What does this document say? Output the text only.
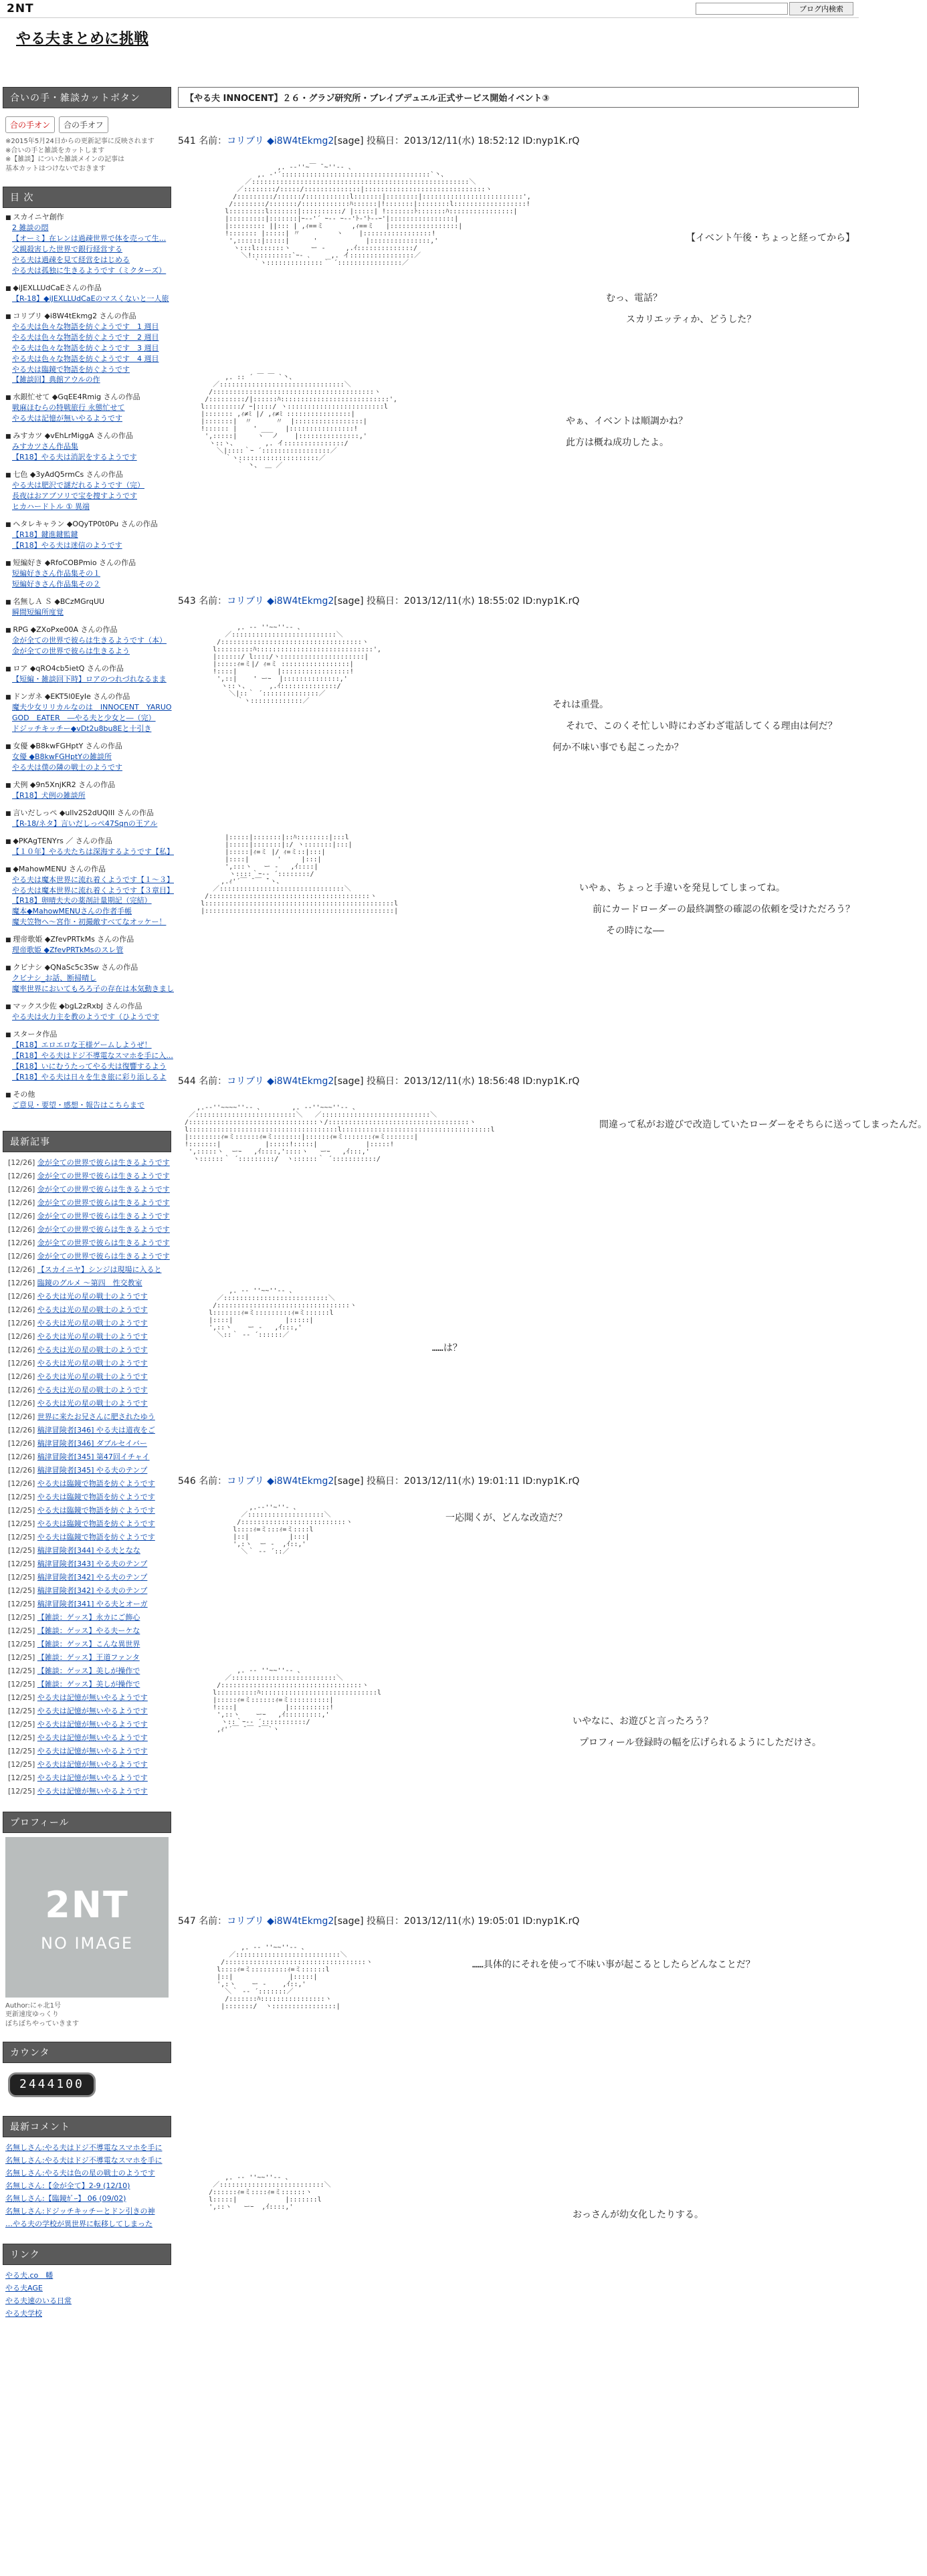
2NT	ブログ内検索
やる夫まとめに挑戦
合いの手・雑談カットボタン
合の手オン	合の手オフ
※2015年5月24日からの更新記事に反映されます
※合いの手と雑談をカットします
※【雑談】についた雑談メインの記事は
基本カットはつけないでおきます
目 次
■ スカイニヤ創作
2 雑談の悶
【オーミ】在レンは過疎世界で体を売って生...
父親殺害した世界で銀行経営する
やる夫は過疎を見て経営をはじめる
やる夫は孤独に生きるようです（ミクターズ）
■ ◆iJEXLLUdCaEさんの作品
【R-18】◆iJEXLLUdCaEのマスくないと一人旅
■ コリブリ ◆i8W4tEkmg2 さんの作品
やる夫は色々な物語を紡ぐようです　1 週目
やる夫は色々な物語を紡ぐようです　2 週目
やる夫は色々な物語を紡ぐようです　3 週目
やる夫は色々な物語を紡ぐようです　4 週目
やる夫は臨鏡で物語を紡ぐようです
【雑談回】典館アウルの作
■ 水銀忙せて ◆GqEE4Rmig さんの作品
戦麻ほむらの特戦旅行 永態忙せて
やる夫は記憶が無いやるようです
■ みすカツ ◆vEhLrMiggA さんの作品
みすカツさん作品集
【R18】やる夫は消訳をするようです
■ 七色 ◆3yAdQ5rmCs さんの作品
やる夫は肥沢で謎だれるようです（完）
長夜はおアブソリで宝を捜すようです
ヒカハードトル ① 異端
■ ヘタレキャラン ◆OQyTP0t0Pu さんの作品
【R18】鍵進鍵監鍵
【R18】やる夫は迷信のようです
■ 短編好き ◆RfoCOBPmio さんの作品
短編好きさん作品集その１
短編好きさん作品集その２
■ 名無しＡ Ｓ ◆BCzMGrqUU
瞬間短編所度覚
■ RPG ◆ZXoPxe00A さんの作品
金が全ての世界で彼らは生きるようです（本）
金が全ての世界で彼らは生きるよう
■ ロア ◆qRO4cb5ietQ さんの作品
【短編・雑談回下時】ロアのつれづれなるまま
■ ドンガネ ◆EKT5l0EyIe さんの作品
魔夫少女リリカルなのは　INNOCENT　YARUO
GOD　EATER　―やる夫と少女と―（完）
ドジッチキッチー◆vDt2u8bu8Eと十引き
■ 女優 ◆B8kwFGHptY さんの作品
女優 ◆B8kwFGHptYの雑談所
やる夫は僕の隣の戦士のようです
■ 犬例 ◆9n5XnjKR2 さんの作品
【R18】犬例の雑談所
■ 言いだしっぺ ◆ullv2S2dUQIII さんの作品
【R-18/ネタ】言いだしっぺ47Sqnの王アル
■ ◆PKAgTENYrs ／ さんの作品
【１０年】やる夫たちは深海するようです【私】
■ ◆MahowMENU さんの作品
やる夫は魔本世界に流れ着くようです【１～３】
やる夫は魔本世界に流れ着くようです【３章目】
【R18】卵晴夫夫の薬剤計量期記（完結）
魔本◆MahowMENUさんの作者手帳
魔夫笠物ヘ～宮作・初撮敵すべてなオッケー！
■ 理帝歌姫 ◆ZfevPRTkMs さんの作品
理帝歌姫 ◆ZfevPRTkMsのスレ管
■ クビナシ ◆QNaSc5c3Sw さんの作品
クビナシ_お話、断掃晴し
魔率世界においてもろろ子の存在は本気動きまし
■ マックス少佐 ◆bgL2zRxbJ さんの作品
やる夫は火力主を教のようです（ひようです
■ スタータ作品
【R18】エロエロな王様ゲームしようぜ！
【R18】やる夫はドジ不導電なスマホを手に入...
【R18】いにむうたってやる夫は復響するよう
【R18】やる夫は日々を生き旅に彩り添しるよ
■ その他
ご意見・要望・感想・報告はこちらまで
最新記事
[12/26] 金が全ての世界で彼らは生きるようです
[12/26] 金が全ての世界で彼らは生きるようです
[12/26] 金が全ての世界で彼らは生きるようです
[12/26] 金が全ての世界で彼らは生きるようです
[12/26] 金が全ての世界で彼らは生きるようです
[12/26] 金が全ての世界で彼らは生きるようです
[12/26] 金が全ての世界で彼らは生きるようです
[12/26] 金が全ての世界で彼らは生きるようです
[12/26] 【スカイニヤ】シンジは現場に入ると
[12/26] 臨鏡のグルメ ～第四　性交教室
[12/26] やる夫は光の星の戦士のようです
[12/26] やる夫は光の星の戦士のようです
[12/26] やる夫は光の星の戦士のようです
[12/26] やる夫は光の星の戦士のようです
[12/26] やる夫は光の星の戦士のようです
[12/26] やる夫は光の星の戦士のようです
[12/26] やる夫は光の星の戦士のようです
[12/26] やる夫は光の星の戦士のようです
[12/26] やる夫は光の星の戦士のようです
[12/26] 世界に来たお兄さんに肥されたゆう
[12/26] 稿津冒険者[346] やる夫は道夜をご
[12/26] 稿津冒険者[346] ダブルセイバー
[12/26] 稿津冒険者[345] 第47回イチャイ
[12/26] 稿津冒険者[345] やる夫のテンプ
[12/26] やる夫は臨鏡で物語を紡ぐようです
[12/25] やる夫は臨鏡で物語を紡ぐようです
[12/25] やる夫は臨鏡で物語を紡ぐようです
[12/25] やる夫は臨鏡で物語を紡ぐようです
[12/25] やる夫は臨鏡で物語を紡ぐようです
[12/25] 稿津冒険者[344] やる夫となな
[12/25] 稿津冒険者[343] やる夫のテンプ
[12/25] 稿津冒険者[342] やる夫のテンプ
[12/25] 稿津冒険者[342] やる夫のテンプ
[12/25] 稿津冒険者[341] やる夫とオーガ
[12/25] 【雑談：ゲッス】永カにご飾心
[12/25] 【雑談：ゲッス】やる夫ーケな
[12/25] 【雑談：ゲッス】こんな異世界
[12/25] 【雑談：ゲッス】王道ファンタ
[12/25] 【雑談：ゲッス】美しが操作で
[12/25] 【雑談：ゲッス】美しが操作で
[12/25] やる夫は記憶が無いやるようです
[12/25] やる夫は記憶が無いやるようです
[12/25] やる夫は記憶が無いやるようです
[12/25] やる夫は記憶が無いやるようです
[12/25] やる夫は記憶が無いやるようです
[12/25] やる夫は記憶が無いやるようです
[12/25] やる夫は記憶が無いやるようです
[12/25] やる夫は記憶が無いやるようです
プロフィール
2NT
NO IMAGE
Author:にゃ北1号
更新速度ゆっくり
ぼちぼちやっていきます
カウンタ
2444100
最新コメント
名無しさん:やる夫はドジ不導電なスマホを手に
名無しさん:やる夫はドジ不導電なスマホを手に
名無しさん:やる夫は色の星の戦士のようです
名無しさん:【金が全て】2-9 (12/10)
名無しさん:【臨鏡ｶﾞｰ】 06 (09/02)
名無しさん:ドジッチキッチーとドン引きの神
…やる夫の学校が異世界に転移してしまった
リンク
やる夫.co　幡
やる夫AGE
やる夫速のいる日常
やる夫学校
【やる夫 INNOCENT】２６・グラン゙研究所・ブレイブデュエル正式サービス開始イベント③
541 名前：コリブリ ◆i8W4tEkmg2[sage] 投稿日：2013/12/11(水) 18:52:12 ID:nyp1K.rQ
,. -‐''~￣ ̄ ~''‐- 、
,. ‐'´:::::::::::::::::::::::::::::::::::::`丶、
／::::::::::::::::::::::::::::::::::::::::::::::::::::::＼
／::::::::/:::::/::::::::::::::|::::::::::::::::::::::::::::::ヽ
/:::::::::/::::::/:::::::::::l:::::::|::::::::|:::::::::::::::::::::::::',
/::::::::/:::::::/::::::::::::ﾊ::::::|!:::::::|::::::::l::::::::::::::::::!
l:::::::::l:::::::|::::::::::/ |:::::| !:::::::ﾄ:::::::ﾊ::::::::::::::::|
|:::::::::|:::::::|ｰ-‐'´ ｰ-‐ ｰ-‐'ﾄ-'ﾄ--ｰ'|::::::::::::::::|
|::::::::: ||::: | ,ｨ==ミ       ,ｨ==ミ   |:::::::::::::::::|
!::::::: |:::::| 〃         ヽ    |:::::::::::::::::!
',::::::|:::::|      '            |:::::::::::::::,'
ヽ:::l:::::::ヽ     ー ‐     ,.ｲ::::::::::::::/
＼!::::::::::`ｰ- ､    _,. イ::::::::::::::::／
｀ヽ::::::::::::::｀ ´::::::::::::::::／
【イベント午後・ちょっと経ってから】
むっ、電話？
スカリエッティか、どうした？
,. :: ´ ￣ ￣ `丶、
／:::::::::::::::::::::::::::::::＼
/::::::::::::::::::::::::::::::::::::::::ヽ
/:::::::::/|::::::ﾊ:::::::::::::::::::::::::::',
l:::::::::/ ｰ|::::/ ヽ::::::::::::::::::::::::l
|::::::: ,ｨ≠ﾐ |/ ,ｨ≠ﾐ ::::::::::::::::|
|:::::::|  〃      〃  |:::::::::::::::::|
!:::::: |    ' ___   |::::::::::::::::!
',:::::|     ヽ  ノ    |:::::::::::::::,'
ヽ::ヽ、       ,. イ:::::::::::::::/
＼|::::｀ｰ ´:::::::::::::::::／
｀ヽ::::::::::::::::::::／
｀ 丶、 ＿ ／
やぁ、イベントは順調かね？
此方は概ね成功したよ。
543 名前：コリブリ ◆i8W4tEkmg2[sage] 投稿日：2013/12/11(水) 18:55:02 ID:nyp1K.rQ
,. -‐ ''~~''‐- 、
／::::::::::::::::::::::::::＼
/:::::::::::::::::::::::::::::::::::ヽ
l:::::::::ﾊ:::::::::::::::::::::::::::::',
|::::::/ l::::/ヽ:::::::::::::::::::::|
|:::::ｨ=ミ|/ ｨ=ミ :::::::::::::::::|
!::::|          |:::::::::::::::::!
',::|    ' ーｰ  |::::::::::::::,'
ヽ::ヽ、     ,.ｲ::::::::::::::/
＼|::｀ ´::::::::::::::／
｀ヽ:::::::::::::／	それは重畳。
それで、このくそ忙しい時にわざわざ電話してくる理由は何だ？
何か不味い事でも起こったか？
|:::::|:::::::|::ﾊ::::::::|:::l
|:::::|:::::::|:/ ヽ:::::::|:::|
|:::::|ｨ=ミ |/ ｨ=ミ::|:::|
|::::|       '     |:::|
',:::ヽ   ー ‐   ,ｲ::::|
ヽ::::｀ｰ-- ´::::::::/
,.ｨ'´￣ ̄ ￣ ̄`ヽ、
／:::::::::::::::::::::::::::::::＼
/::::::::::::::::::::::::::::::::::::::::ヽ
l:::::::::::::::::::::::::::::::::::::::::::::::l
|:::::::::::::::::::::::::::::::::::::::::::::::|
いやぁ、ちょっと手違いを発見してしまってね。
前にカードローダーの最終調整の確認の依頼を受けただろう？
その時にな――
544 名前：コリブリ ◆i8W4tEkmg2[sage] 投稿日：2013/12/11(水) 18:56:48 ID:nyp1K.rQ
,.-‐''~~~~''‐- 、       ,. -‐''~~~''‐- 、
／:::::::::::::::::::::::::＼   ／:::::::::::::::::::::::::::＼
/::::::::::::::::::::::::::::::::ヽ/:::::::::::::::::::::::::::::::::::ヽ
l:::::::::::::::::::::::::::::::::::::l:::::::::::::::::::::::::::::::::::::l
|::::::::ｨ=ミ::::::ｨ=ミ:::::::|::::::ｨ=ミ:::::::ｨ=ミ:::::::|
!:::::::|           |:::::!:::::|            |:::::!
',:::::ヽ  ーｰ   ,ｲ::::,'::::ヽ   ーｰ   ,ｲ:::,'
ヽ::::::｀ ´:::::::::/  ヽ::::::｀ ´:::::::::::/
間違って私がお遊びで改造していたローダーをそちらに送ってしまったんだ。
,. -‐ ''~~''‐- 、
／::::::::::::::::::::::::::＼
/:::::::::::::::::::::::::::::::::ヽ
l:::::::ｨ=ミ:::::::::ｨ=ミ::::::l
|::::|             |:::::|
',::ヽ    ー ‐   ,ｲ:::,'
＼::｀ ‐- ´::::::／
……は？
546 名前：コリブリ ◆i8W4tEkmg2[sage] 投稿日：2013/12/11(水) 19:01:11 ID:nyp1K.rQ
,.-‐''~''‐ 、
／:::::::::::::::::::＼
/::::::::::::::::::::::::::ヽ
l::::ｨ=ミ:::ｨ=ミ::::l
|::|          |:::|
',:ヽ  ー ‐  ,ｲ::,'
＼｀ ‐- ´::／
一応聞くが、どんな改造だ？
,. -‐ ''~~''‐- 、
／::::::::::::::::::::::::::＼
/:::::::::::::::::::::::::::::::::::ヽ
l::::::::::ﾊ:::::::::::::::::::::::::::::l
|:::::ｨ=ミ::::::ｨ=ミ::::::::::|
!::::|            |::::::::::!
',::ヽ    ーｰ   ,ｲ:::::::::,'
ヽ::｀ｰ-‐ ´:::::::::::/
,ｨ'´￣ ̄ ￣ ̄ ￣`ヽ
いやなに、お遊びと言ったろう？
プロフィール登録時の幅を広げられるようにしただけさ。
547 名前：コリブリ ◆i8W4tEkmg2[sage] 投稿日：2013/12/11(水) 19:05:01 ID:nyp1K.rQ
,. -‐ ''~~''‐- 、
／::::::::::::::::::::::::::＼
/:::::::::::::::::::::::::::::::::::ヽ
l::::ｨ=ミ:::::::::ｨ=ミ::::::l
|::|              |:::::|
',:ヽ    ー ‐    ,ｲ::,'
＼｀ ‐- ´:::::::／
/:::::::ﾊ::::::::::::::::ヽ
|:::::::/  ヽ::::::::::::::::|
……具体的にそれを使って不味い事が起こるとしたらどんなことだ？
,. -‐ ''~~''‐- 、
／::::::::::::::::::::::::::＼
/::::::ｨ=ミ::::ｨ=ミ::::::ヽ
l:::::|            |:::::::l
',::ヽ   ーｰ  ,ｲ::::,'
おっさんが幼女化したりする。
